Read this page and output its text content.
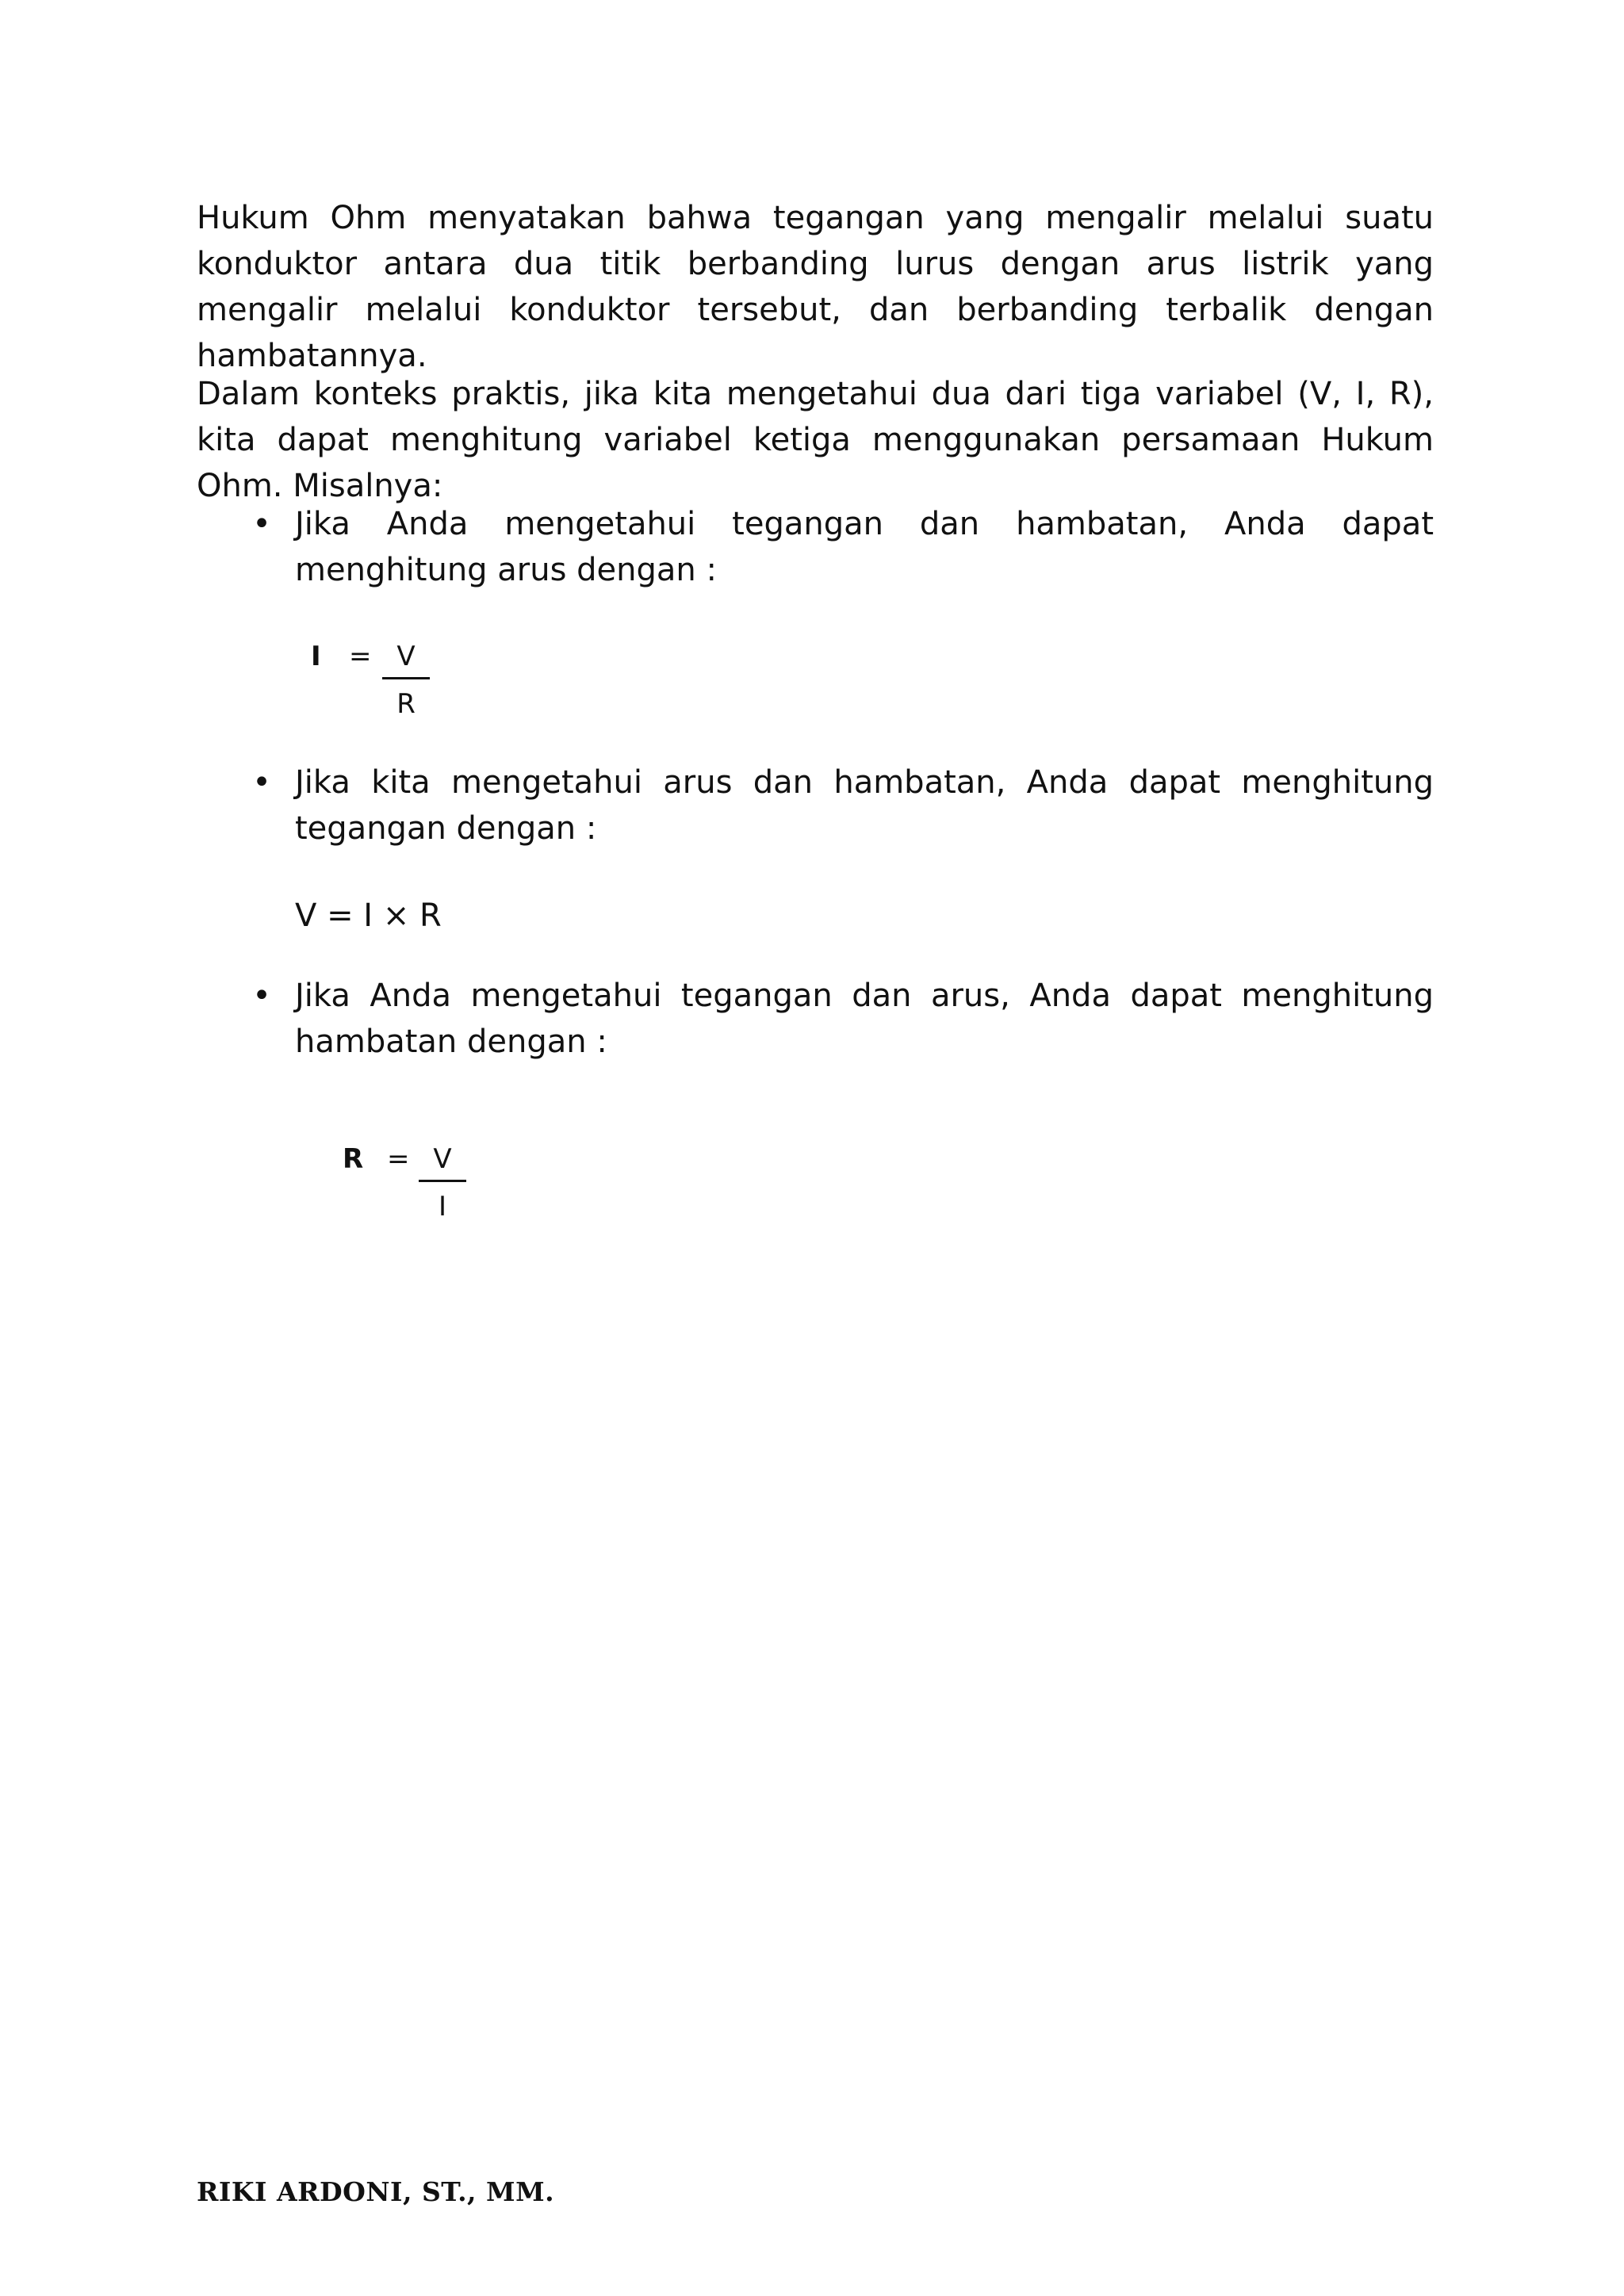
Hukum Ohm menyatakan bahwa tegangan yang mengalir melalui suatu konduktor antara dua titik berbanding lurus dengan arus listrik yang mengalir melalui konduktor tersebut, dan berbanding terbalik dengan hambatannya.

Dalam konteks praktis, jika kita mengetahui dua dari tiga variabel (V, I, R), kita dapat menghitung variabel ketiga menggunakan persamaan Hukum Ohm. Misalnya:

• Jika Anda mengetahui tegangan dan hambatan, Anda dapat menghitung arus dengan :

I = V
R
• Jika kita mengetahui arus dan hambatan, Anda dapat menghitung tegangan dengan :

V = I × R
• Jika Anda mengetahui tegangan dan arus, Anda dapat menghitung hambatan dengan :

R = V
I
RIKI ARDONI, ST., MM.
